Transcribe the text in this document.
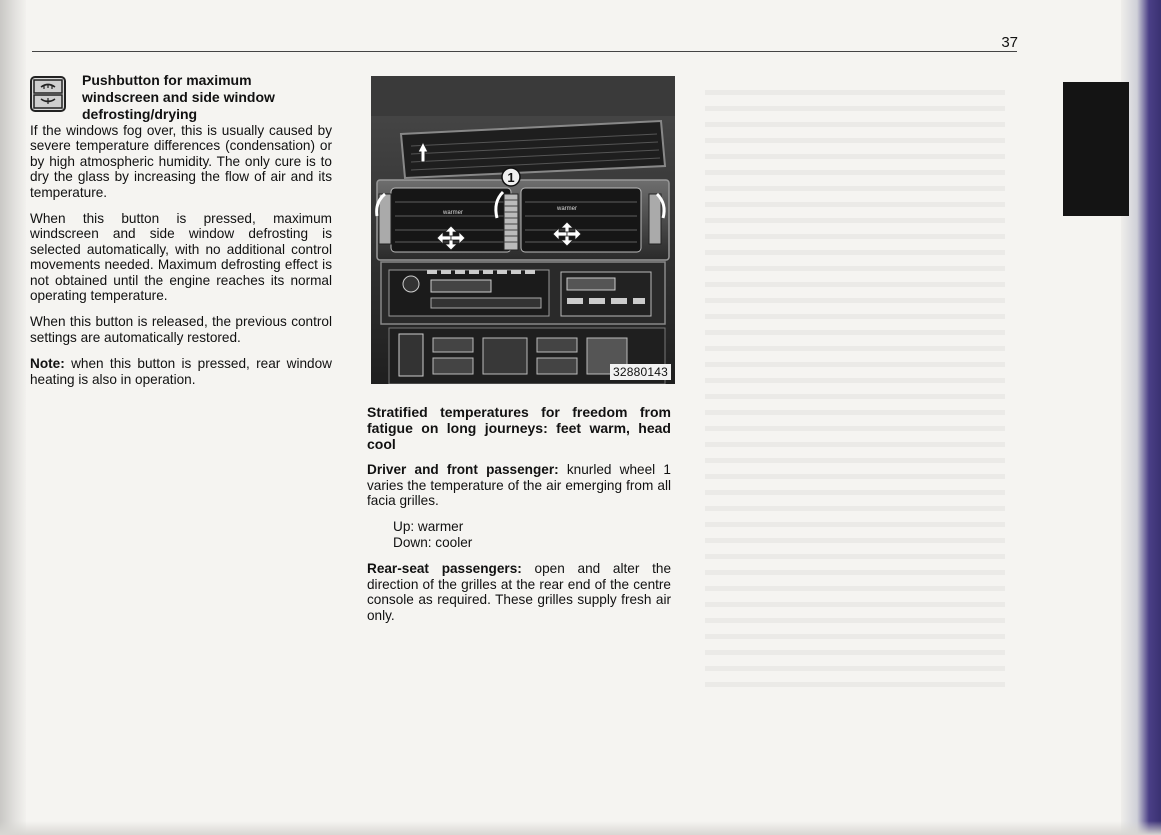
37
Pushbutton for maximum
windscreen and side window
defrosting/drying

If the windows fog over, this is usually caused by severe temperature differences (condensation) or by high atmospheric humidity. The only cure is to dry the glass by increasing the flow of air and its temperature.

When this button is pressed, maximum windscreen and side window defrosting is selected automatically, with no additional control movements needed. Maximum defrosting effect is not obtained until the engine reaches its normal operating temperature.

When this button is released, the previous control settings are automatically restored.

Note: when this button is pressed, rear window heating is also in operation.

warmer
warmer
1
32880143

Stratified temperatures for freedom from fatigue on long journeys: feet warm, head cool

Driver and front passenger: knurled wheel 1 varies the temperature of the air emerging from all facia grilles.

Up: warmer

Down: cooler

Rear-seat passengers: open and alter the direction of the grilles at the rear end of the centre console as required. These grilles supply fresh air only.
